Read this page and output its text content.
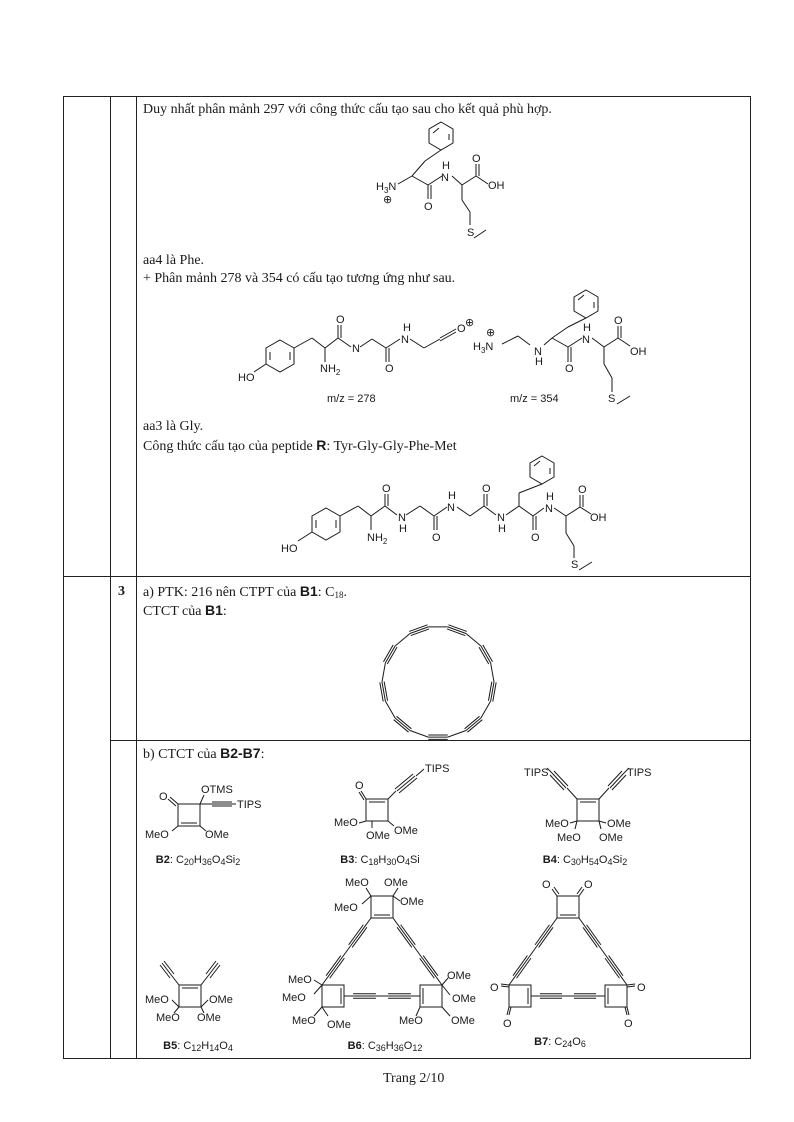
Duy nhất phân mảnh 297 với công thức cấu tạo sau cho kết quả phù hợp.
aa4 là Phe.
+ Phân mảnh 278 và 354 có cấu tạo tương ứng như sau.
aa3 là Gly.
Công thức cấu tạo của peptide R: Tyr-Gly-Gly-Phe-Met
3 a) PTK: 216 nên CTPT của B1: $C_{18}$.
CTCT của B1:
b) CTCT của B2-B7:
B2: $C_{20}H_{36}O_4Si_2$	B3: $C_{18}H_{30}O_4Si$	B4: $C_{30}H_{54}O_4Si_2$
B5: $C_{12}H_{14}O_4$	B6: $C_{36}H_{36}O_{12}$	B7: $C_{24}O_6$
Trang 2/10
$H_3N$
⊕
O
H
N
O
OH
S
HO
$NH_2$
O
N
O
H
N
O ⊕
m/z = 278
⊕
$H_3N$	N
H
O
H
N
O
OH
S
m/z = 354
HO
$NH_2$
O
N
H
O
H
N
O
N
H
O
H
N
O
OH
S
O
OTMS
TIPS
MeO	OMe
O
TIPS
MeO
OMe OMe
TIPS	TIPS
MeO	OMe
MeO OMe
MeO	OMe
MeO OMe
MeO OMe
MeO	OMe
MeO
MeO
MeO OMe
OMe
OMe
OMe
MeO
O	O
O
O
O
O
